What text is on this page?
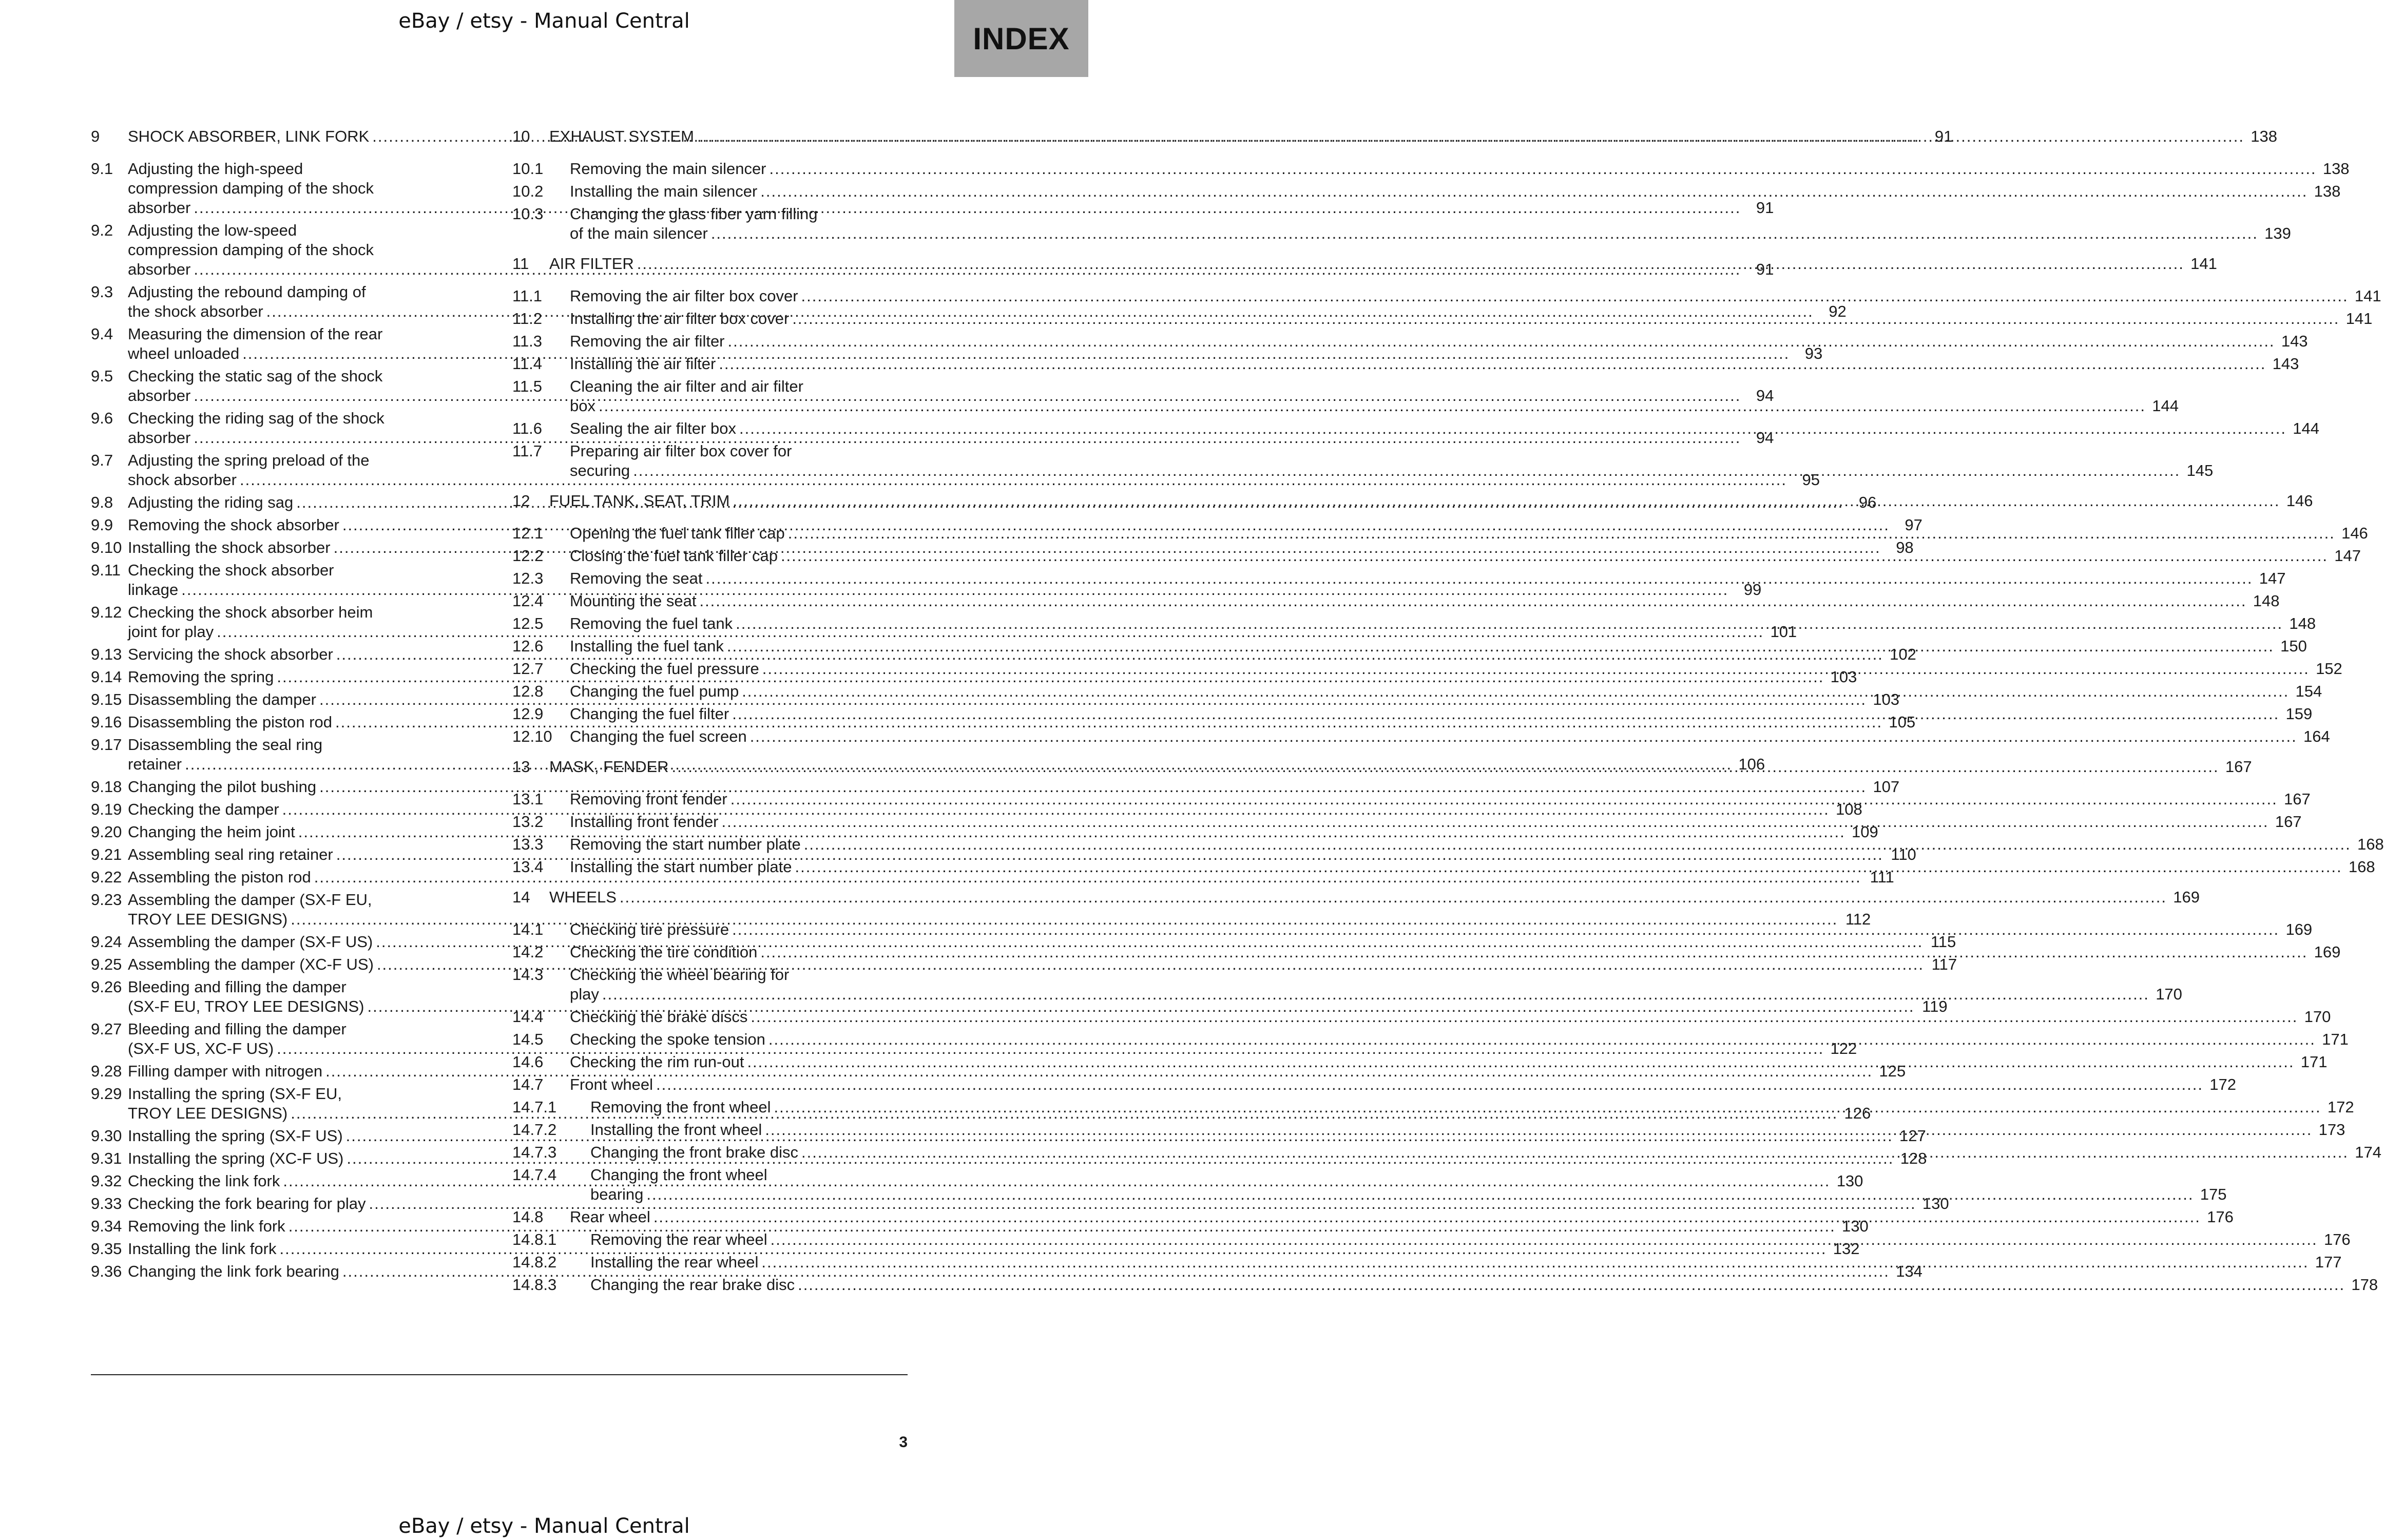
eBay / etsy - Manual Central
INDEX
9	SHOCK ABSORBER, LINK FORK .....	91
9.1 Adjusting the high-speed
compression damping of the shock
absorber .....	91
9.2 Adjusting the low-speed
compression damping of the shock
absorber .....	91
9.3 Adjusting the rebound damping of
the shock absorber .....	92
9.4 Measuring the dimension of the rear
wheel unloaded .....	93
9.5 Checking the static sag of the shock
absorber .....	94
9.6 Checking the riding sag of the shock
absorber .....	94
9.7 Adjusting the spring preload of the
shock absorber .....	95
9.8 Adjusting the riding sag .....	96
9.9 Removing the shock absorber .....	97
9.10 Installing the shock absorber .....	98
9.11 Checking the shock absorber
linkage .....	99
9.12 Checking the shock absorber heim
joint for play .....	101
9.13 Servicing the shock absorber .....	102
9.14 Removing the spring .....	103
9.15 Disassembling the damper .....	103
9.16 Disassembling the piston rod .....	105
9.17 Disassembling the seal ring
retainer .....	106
9.18 Changing the pilot bushing .....	107
9.19 Checking the damper .....	108
9.20 Changing the heim joint .....	109
9.21 Assembling seal ring retainer .....	110
9.22 Assembling the piston rod .....	111
9.23 Assembling the damper (SX-F EU,
TROY LEE DESIGNS) .....	112
9.24 Assembling the damper (SX-F US) .....	115
9.25 Assembling the damper (XC-F US) .....	117
9.26 Bleeding and filling the damper
(SX-F EU, TROY LEE DESIGNS) .....	119
9.27 Bleeding and filling the damper
(SX-F US, XC-F US) .....	122
9.28 Filling damper with nitrogen .....	125
9.29 Installing the spring (SX-F EU,
TROY LEE DESIGNS) .....	126
9.30 Installing the spring (SX-F US) .....	127
9.31 Installing the spring (XC-F US) .....	128
9.32 Checking the link fork .....	130
9.33 Checking the fork bearing for play .....	130
9.34 Removing the link fork .....	130
9.35 Installing the link fork .....	132
9.36 Changing the link fork bearing .....	134
10	EXHAUST SYSTEM .....	138
10.1	Removing the main silencer .....	138
10.2	Installing the main silencer .....	138
10.3	Changing the glass fiber yarn filling
of the main silencer .....	139
11	AIR FILTER .....	141
11.1	Removing the air filter box cover .....	141
11.2	Installing the air filter box cover .....	141
11.3	Removing the air filter .....	143
11.4	Installing the air filter .....	143
11.5	Cleaning the air filter and air filter
box .....	144
11.6	Sealing the air filter box .....	144
11.7	Preparing air filter box cover for
securing .....	145
12	FUEL TANK, SEAT, TRIM .....	146
12.1	Opening the fuel tank filler cap .....	146
12.2	Closing the fuel tank filler cap .....	147
12.3	Removing the seat .....	147
12.4	Mounting the seat .....	148
12.5	Removing the fuel tank .....	148
12.6	Installing the fuel tank .....	150
12.7	Checking the fuel pressure .....	152
12.8	Changing the fuel pump .....	154
12.9	Changing the fuel filter .....	159
12.10	Changing the fuel screen .....	164
13	MASK, FENDER .....	167
13.1	Removing front fender .....	167
13.2	Installing front fender .....	167
13.3	Removing the start number plate .....	168
13.4	Installing the start number plate .....	168
14	WHEELS .....	169
14.1	Checking tire pressure .....	169
14.2	Checking the tire condition .....	169
14.3	Checking the wheel bearing for
play .....	170
14.4	Checking the brake discs .....	170
14.5	Checking the spoke tension .....	171
14.6	Checking the rim run-out .....	171
14.7	Front wheel .....	172
14.7.1	Removing the front wheel .....	172
14.7.2	Installing the front wheel .....	173
14.7.3	Changing the front brake disc .....	174
14.7.4	Changing the front wheel
bearing .....	175
14.8	Rear wheel .....	176
14.8.1	Removing the rear wheel .....	176
14.8.2	Installing the rear wheel .....	177
14.8.3	Changing the rear brake disc .....	178
3
eBay / etsy - Manual Central
